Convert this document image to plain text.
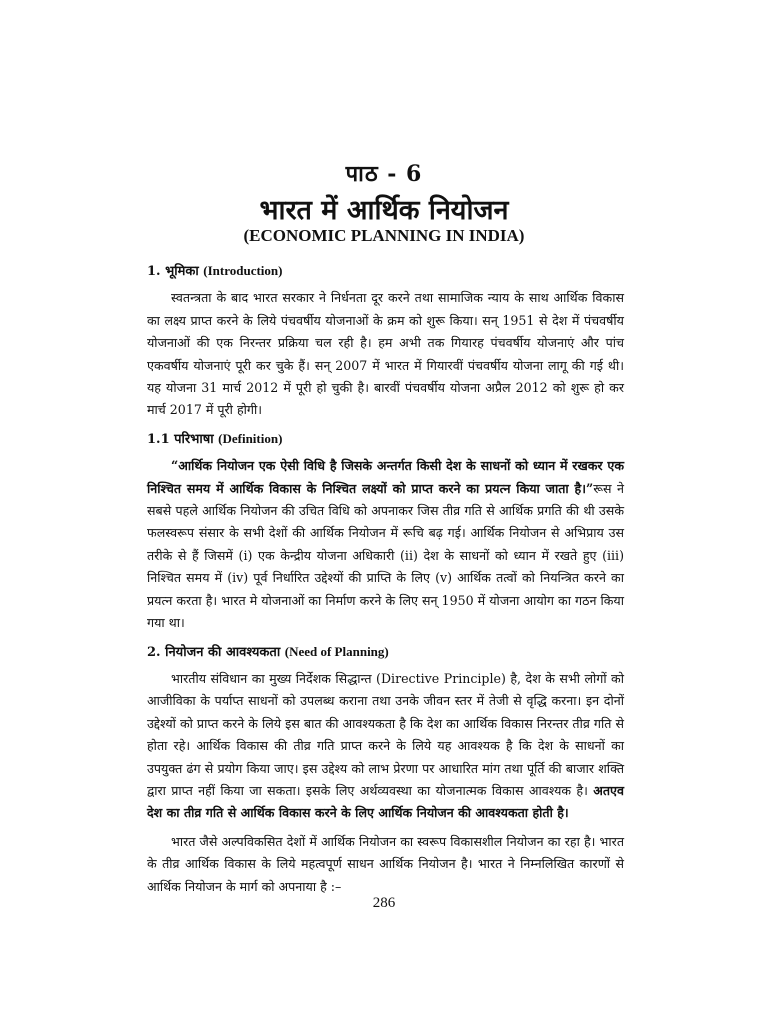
पाठ - 6
भारत में आर्थिक नियोजन
(ECONOMIC PLANNING IN INDIA)
1. भूमिका (Introduction)

स्वतन्त्रता के बाद भारत सरकार ने निर्धनता दूर करने तथा सामाजिक न्याय के साथ आर्थिक विकास का लक्ष्य प्राप्त करने के लिये पंचवर्षीय योजनाओं के क्रम को शुरू किया। सन् 1951 से देश में पंचवर्षीय योजनाओं की एक निरन्तर प्रक्रिया चल रही है। हम अभी तक गियारह पंचवर्षीय योजनाएं और पांच एकवर्षीय योजनाएं पूरी कर चुके हैं। सन् 2007 में भारत में गियारवीं पंचवर्षीय योजना लागू की गई थी। यह योजना 31 मार्च 2012 में पूरी हो चुकी है। बारवीं पंचवर्षीय योजना अप्रैल 2012 को शुरू हो कर मार्च 2017 में पूरी होगी।

1.1 परिभाषा (Definition)

“आर्थिक नियोजन एक ऐसी विधि है जिसके अन्तर्गत किसी देश के साधनों को ध्यान में रखकर एक निश्चित समय में आर्थिक विकास के निश्चित लक्ष्यों को प्राप्त करने का प्रयत्न किया जाता है।”रूस ने सबसे पहले आर्थिक नियोजन की उचित विधि को अपनाकर जिस तीव्र गति से आर्थिक प्रगति की थी उसके फलस्वरूप संसार के सभी देशों की आर्थिक नियोजन में रूचि बढ़ गई। आर्थिक नियोजन से अभिप्राय उस तरीके से हैं जिसमें (i) एक केन्द्रीय योजना अधिकारी (ii) देश के साधनों को ध्यान में रखते हुए (iii) निश्चित समय में (iv) पूर्व निर्धारित उद्देश्यों की प्राप्ति के लिए (v) आर्थिक तत्वों को नियन्त्रित करने का प्रयत्न करता है। भारत मे योजनाओं का निर्माण करने के लिए सन् 1950 में योजना आयोग का गठन किया गया था।

2. नियोजन की आवश्यकता (Need of Planning)

भारतीय संविधान का मुख्य निर्देशक सिद्धान्त (Directive Principle) है, देश के सभी लोगों को आजीविका के पर्याप्त साधनों को उपलब्ध कराना तथा उनके जीवन स्तर में तेजी से वृद्धि करना। इन दोनों उद्देश्यों को प्राप्त करने के लिये इस बात की आवश्यकता है कि देश का आर्थिक विकास निरन्तर तीव्र गति से होता रहे। आर्थिक विकास की तीव्र गति प्राप्त करने के लिये यह आवश्यक है कि देश के साधनों का उपयुक्त ढंग से प्रयोग किया जाए। इस उद्देश्य को लाभ प्रेरणा पर आधारित मांग तथा पूर्ति की बाजार शक्ति द्वारा प्राप्त नहीं किया जा सकता। इसके लिए अर्थव्यवस्था का योजनात्मक विकास आवश्यक है। अतएव देश का तीव्र गति से आर्थिक विकास करने के लिए आर्थिक नियोजन की आवश्यकता होती है।

भारत जैसे अल्पविकसित देशों में आर्थिक नियोजन का स्वरूप विकासशील नियोजन का रहा है। भारत के तीव्र आर्थिक विकास के लिये महत्वपूर्ण साधन आर्थिक नियोजन है। भारत ने निम्नलिखित कारणों से आर्थिक नियोजन के मार्ग को अपनाया है :–

286
